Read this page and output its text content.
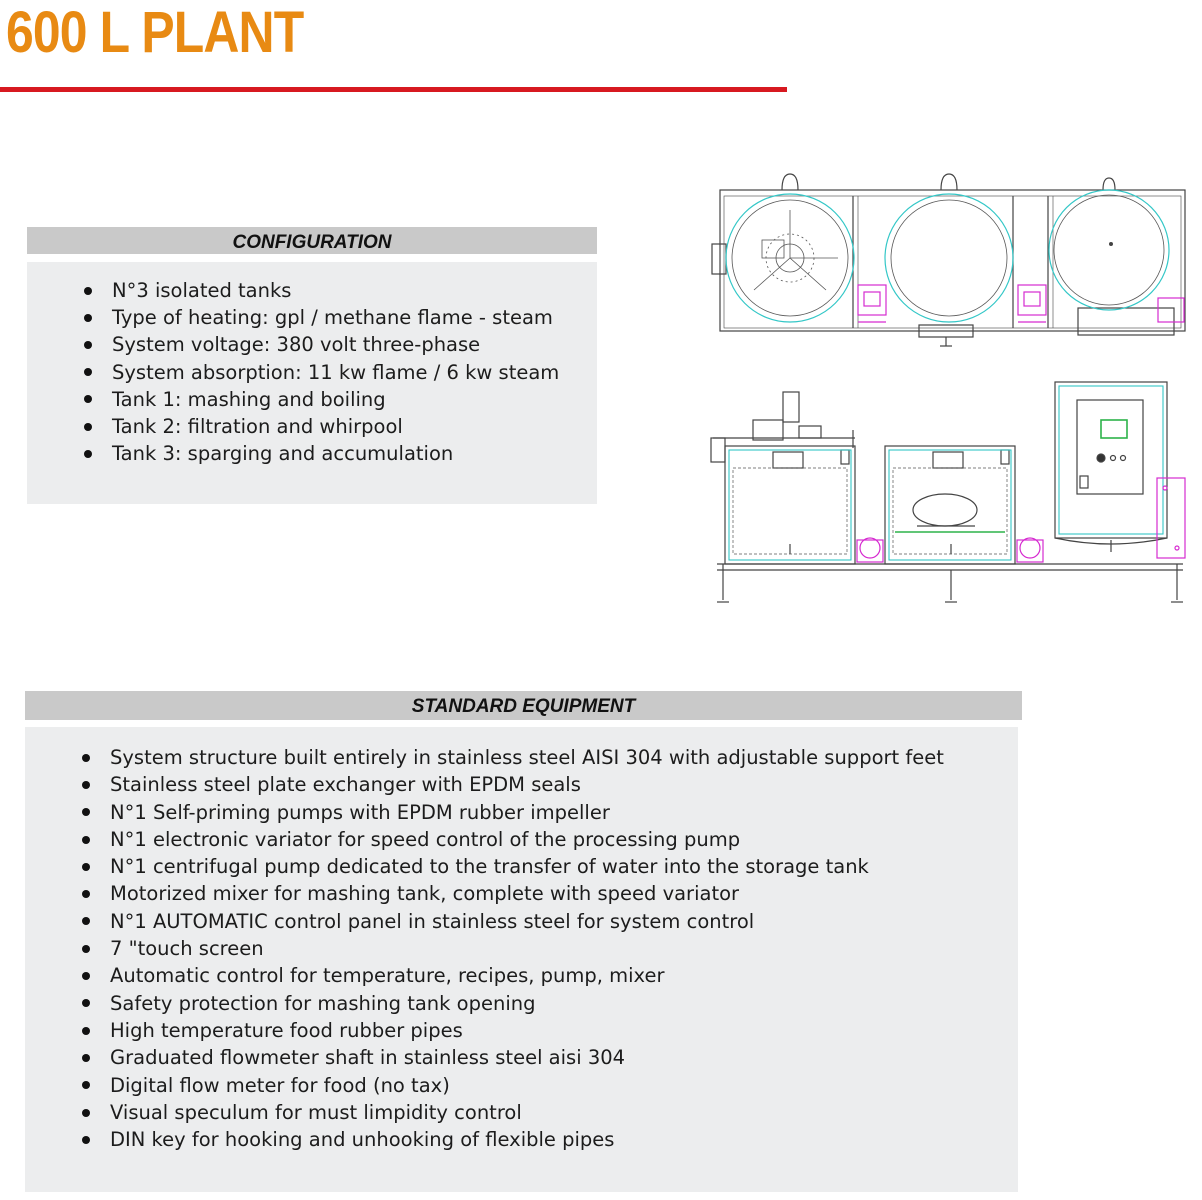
600 L PLANT
CONFIGURATION
N°3 isolated tanks
Type of heating: gpl / methane flame - steam
System voltage: 380 volt three-phase
System absorption: 11 kw flame / 6 kw steam
Tank 1: mashing and boiling
Tank 2: filtration and whirpool
Tank 3: sparging and accumulation
STANDARD EQUIPMENT
System structure built entirely in stainless steel AISI 304 with adjustable support feet
Stainless steel plate exchanger with EPDM seals
N°1 Self-priming pumps with EPDM rubber impeller
N°1 electronic variator for speed control of the processing pump
N°1 centrifugal pump dedicated to the transfer of water into the storage tank
Motorized mixer for mashing tank, complete with speed variator
N°1 AUTOMATIC control panel in stainless steel for system control
7 "touch screen
Automatic control for temperature, recipes, pump, mixer
Safety protection for mashing tank opening
High temperature food rubber pipes
Graduated flowmeter shaft in stainless steel aisi 304
Digital flow meter for food (no tax)
Visual speculum for must limpidity control
DIN key for hooking and unhooking of flexible pipes
